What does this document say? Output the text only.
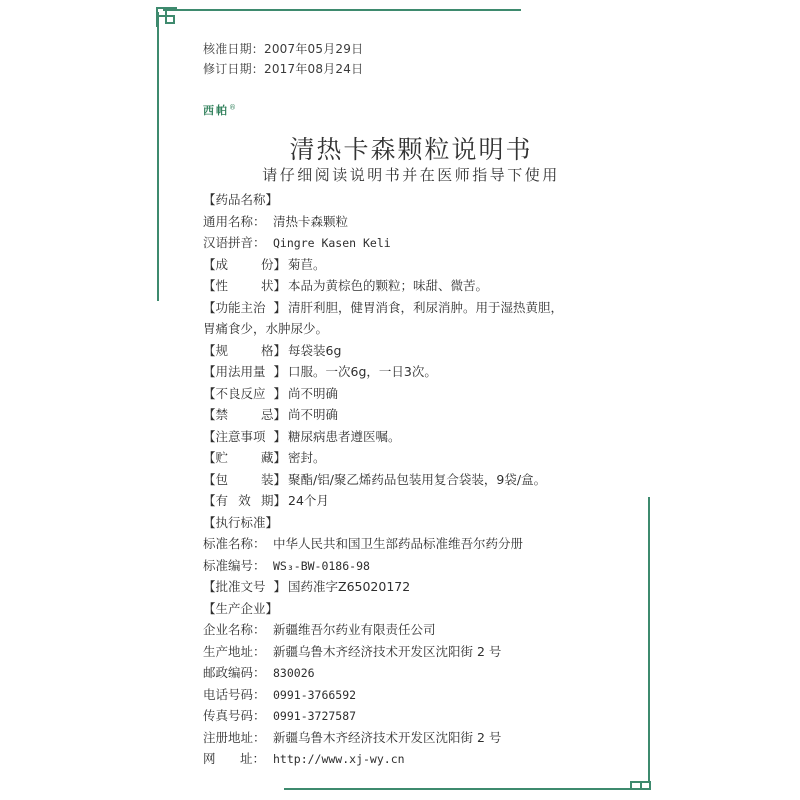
核准日期：2007年05月29日
修订日期：2017年08月24日
西帕®
清热卡森颗粒说明书
请仔细阅读说明书并在医师指导下使用
【药品名称】
通用名称： 清热卡森颗粒
汉语拼音： Qingre Kasen Keli
【 成	份 】 菊苣。
【 性	状 】 本品为黄棕色的颗粒；味甜、微苦。
【功能主治 】 清肝利胆，健胃消食，利尿消肿。用于湿热黄胆，
胃痛食少，水肿尿少。
【 规	格 】 每袋装6g
【用法用量 】 口服。一次6g，一日3次。
【不良反应 】 尚不明确
【 禁	忌 】 尚不明确
【注意事项 】 糖尿病患者遵医嘱。
【 贮	藏 】 密封。
【 包	装 】 聚酯/铝/聚乙烯药品包装用复合袋装，9袋/盒。
【 有 效 期 】 24个月
【执行标准】
标准名称： 中华人民共和国卫生部药品标准维吾尔药分册
标准编号： WS₃-BW-0186-98
【批准文号 】 国药准字Z65020172
【生产企业】
企业名称： 新疆维吾尔药业有限责任公司
生产地址： 新疆乌鲁木齐经济技术开发区沈阳街 2 号
邮政编码： 830026
电话号码： 0991-3766592
传真号码： 0991-3727587
注册地址： 新疆乌鲁木齐经济技术开发区沈阳街 2 号
网 址： http://www.xj-wy.cn
